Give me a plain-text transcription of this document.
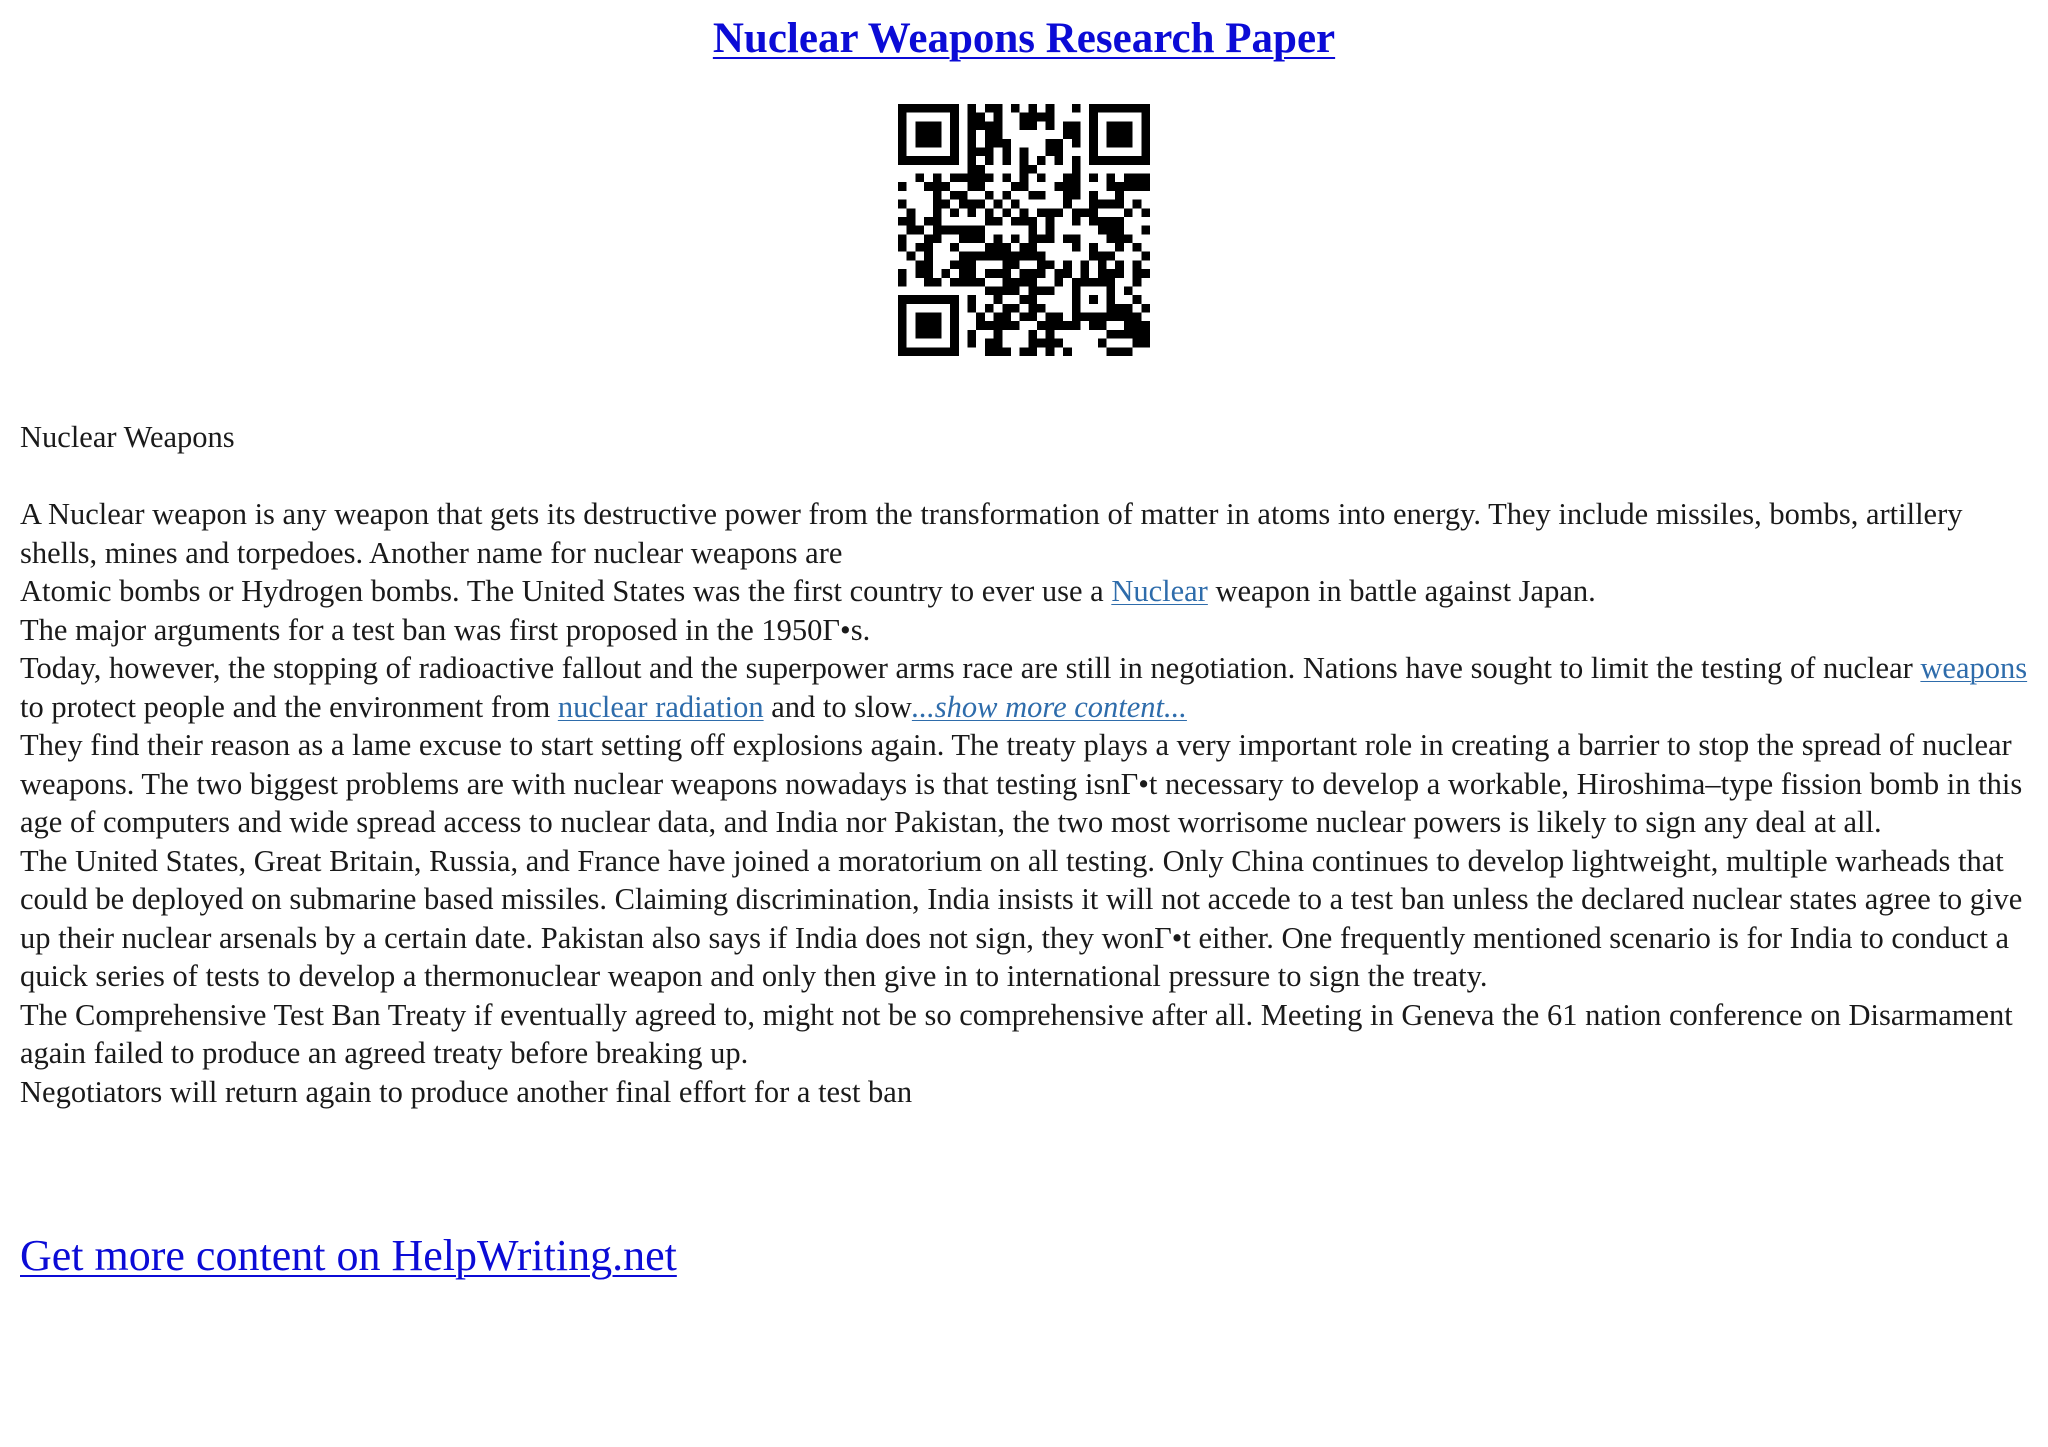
Nuclear Weapons Research Paper

Nuclear Weapons

A Nuclear weapon is any weapon that gets its destructive power from the transformation of matter in atoms into energy. They include missiles, bombs, artillery shells, mines and torpedoes. Another name for nuclear weapons are

Atomic bombs or Hydrogen bombs. The United States was the first country to ever use a Nuclear weapon in battle against Japan.

The major arguments for a test ban was first proposed in the 1950Γ•s.

Today, however, the stopping of radioactive fallout and the superpower arms race are still in negotiation. Nations have sought to limit the testing of nuclear weapons to protect people and the environment from nuclear radiation and to slow...show more content...

They find their reason as a lame excuse to start setting off explosions again. The treaty plays a very important role in creating a barrier to stop the spread of nuclear weapons. The two biggest problems are with nuclear weapons nowadays is that testing isnΓ•t necessary to develop a workable, Hiroshima–type fission bomb in this age of computers and wide spread access to nuclear data, and India nor Pakistan, the two most worrisome nuclear powers is likely to sign any deal at all.

The United States, Great Britain, Russia, and France have joined a moratorium on all testing. Only China continues to develop lightweight, multiple warheads that could be deployed on submarine based missiles. Claiming discrimination, India insists it will not accede to a test ban unless the declared nuclear states agree to give up their nuclear arsenals by a certain date. Pakistan also says if India does not sign, they wonΓ•t either. One frequently mentioned scenario is for India to conduct a quick series of tests to develop a thermonuclear weapon and only then give in to international pressure to sign the treaty.

The Comprehensive Test Ban Treaty if eventually agreed to, might not be so comprehensive after all. Meeting in Geneva the 61 nation conference on Disarmament again failed to produce an agreed treaty before breaking up.

Negotiators will return again to produce another final effort for a test ban

Get more content on HelpWriting.net
